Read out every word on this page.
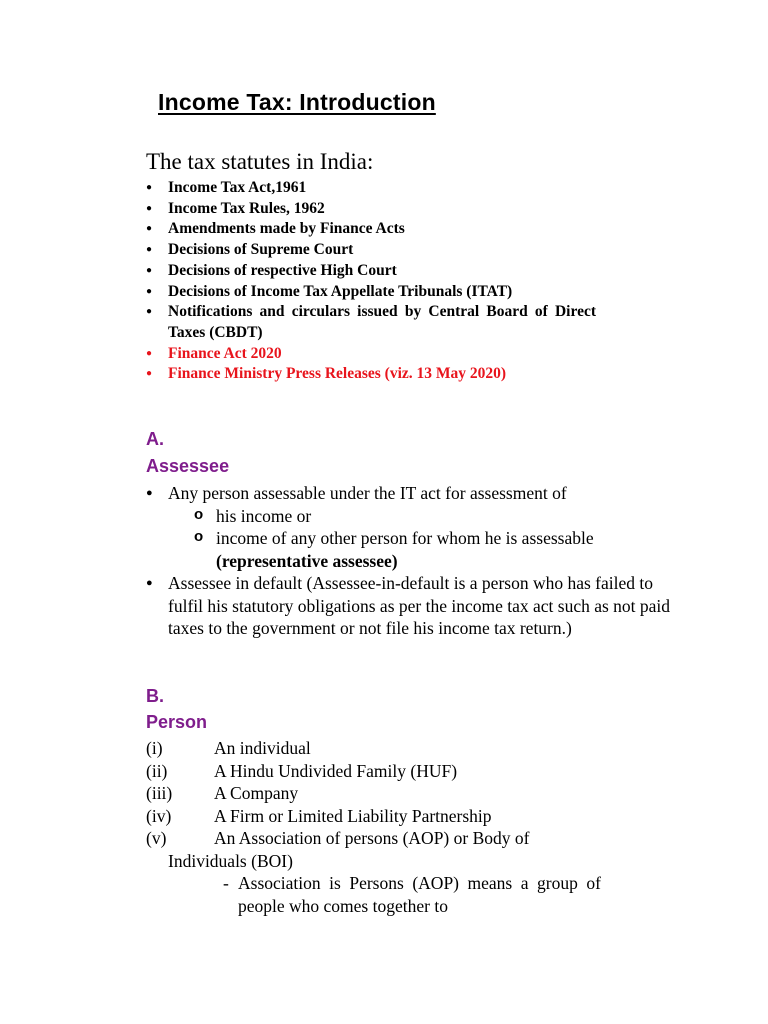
Income Tax: Introduction
The tax statutes in India:
● Income Tax Act,1961
● Income Tax Rules, 1962
● Amendments made by Finance Acts
● Decisions of Supreme Court
● Decisions of respective High Court
● Decisions of Income Tax Appellate Tribunals (ITAT)
● Notifications and circulars issued by Central Board of Direct Taxes (CBDT)
● Finance Act 2020
● Finance Ministry Press Releases (viz. 13 May 2020)
A.
Assessee
● Any person assessable under the IT act for assessment of
o his income or
o income of any other person for whom he is assessable
(representative assessee)
● Assessee in default (Assessee-in-default is a person who has failed to fulfil his statutory obligations as per the income tax act such as not paid taxes to the government or not file his income tax return.)
B.
Person
(i)	An individual
(ii)	A Hindu Undivided Family (HUF)
(iii)	A Company
(iv)	A Firm or Limited Liability Partnership
(v)	An Association of persons (AOP) or Body of
Individuals (BOI)
- Association is Persons (AOP) means a group of people who comes together to
